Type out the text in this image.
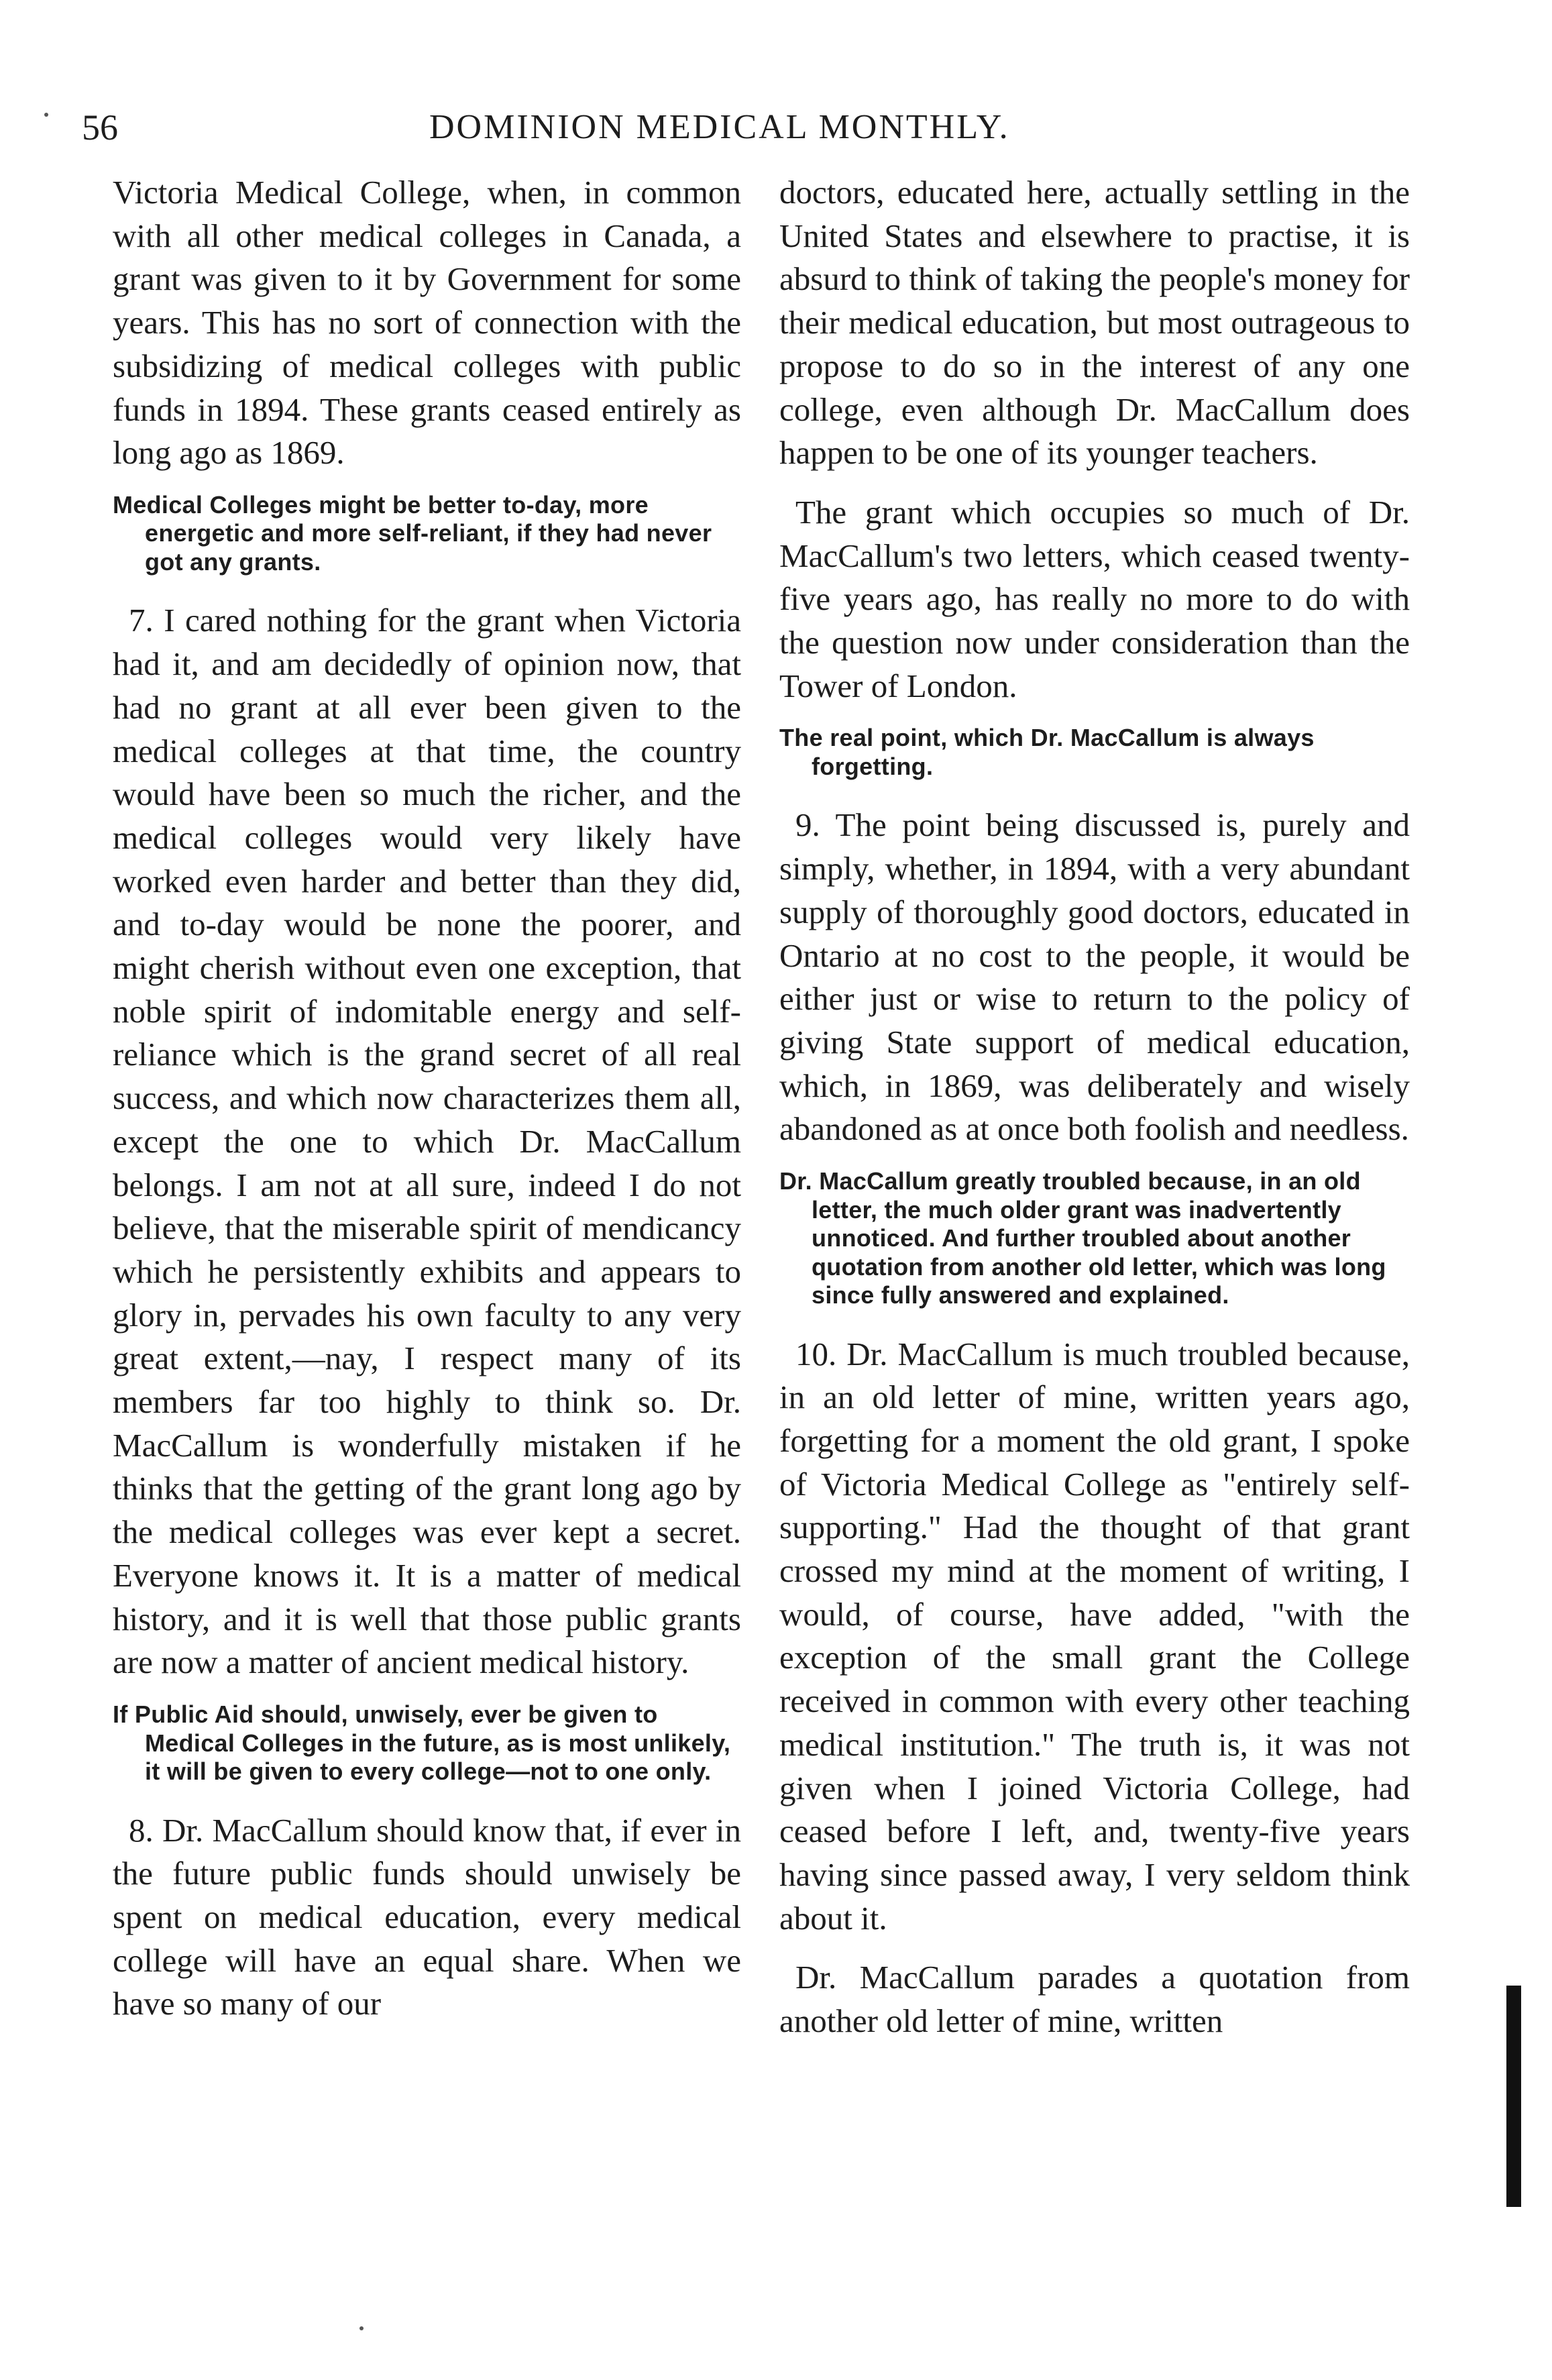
56	DOMINION MEDICAL MONTHLY.

Victoria Medical College, when, in common with all other medical colleges in Canada, a grant was given to it by Government for some years. This has no sort of connection with the subsidizing of medical colleges with public funds in 1894. These grants ceased entirely as long ago as 1869.

Medical Colleges might be better to-day, more energetic and more self-reliant, if they had never got any grants.

7. I cared nothing for the grant when Victoria had it, and am decidedly of opinion now, that had no grant at all ever been given to the medical colleges at that time, the country would have been so much the richer, and the medical colleges would very likely have worked even harder and better than they did, and to-day would be none the poorer, and might cherish without even one exception, that noble spirit of indomitable energy and self-reliance which is the grand secret of all real success, and which now characterizes them all, except the one to which Dr. MacCallum belongs. I am not at all sure, indeed I do not believe, that the miserable spirit of mendicancy which he persistently exhibits and appears to glory in, pervades his own faculty to any very great extent,—nay, I respect many of its members far too highly to think so. Dr. MacCallum is wonderfully mistaken if he thinks that the getting of the grant long ago by the medical colleges was ever kept a secret. Everyone knows it. It is a matter of medical history, and it is well that those public grants are now a matter of ancient medical history.

If Public Aid should, unwisely, ever be given to Medical Colleges in the future, as is most unlikely, it will be given to every college—not to one only.

8. Dr. MacCallum should know that, if ever in the future public funds should unwisely be spent on medical education, every medical college will have an equal share. When we have so many of our

doctors, educated here, actually settling in the United States and elsewhere to practise, it is absurd to think of taking the people's money for their medical education, but most outrageous to propose to do so in the interest of any one college, even although Dr. MacCallum does happen to be one of its younger teachers.

The grant which occupies so much of Dr. MacCallum's two letters, which ceased twenty-five years ago, has really no more to do with the question now under consideration than the Tower of London.

The real point, which Dr. MacCallum is always forgetting.

9. The point being discussed is, purely and simply, whether, in 1894, with a very abundant supply of thoroughly good doctors, educated in Ontario at no cost to the people, it would be either just or wise to return to the policy of giving State support of medical education, which, in 1869, was deliberately and wisely abandoned as at once both foolish and needless.

Dr. MacCallum greatly troubled because, in an old letter, the much older grant was inadvertently unnoticed. And further troubled about another quotation from another old letter, which was long since fully answered and explained.

10. Dr. MacCallum is much troubled because, in an old letter of mine, written years ago, forgetting for a moment the old grant, I spoke of Victoria Medical College as "entirely self-supporting." Had the thought of that grant crossed my mind at the moment of writing, I would, of course, have added, "with the exception of the small grant the College received in common with every other teaching medical institution." The truth is, it was not given when I joined Victoria College, had ceased before I left, and, twenty-five years having since passed away, I very seldom think about it.

Dr. MacCallum parades a quotation from another old letter of mine, written
